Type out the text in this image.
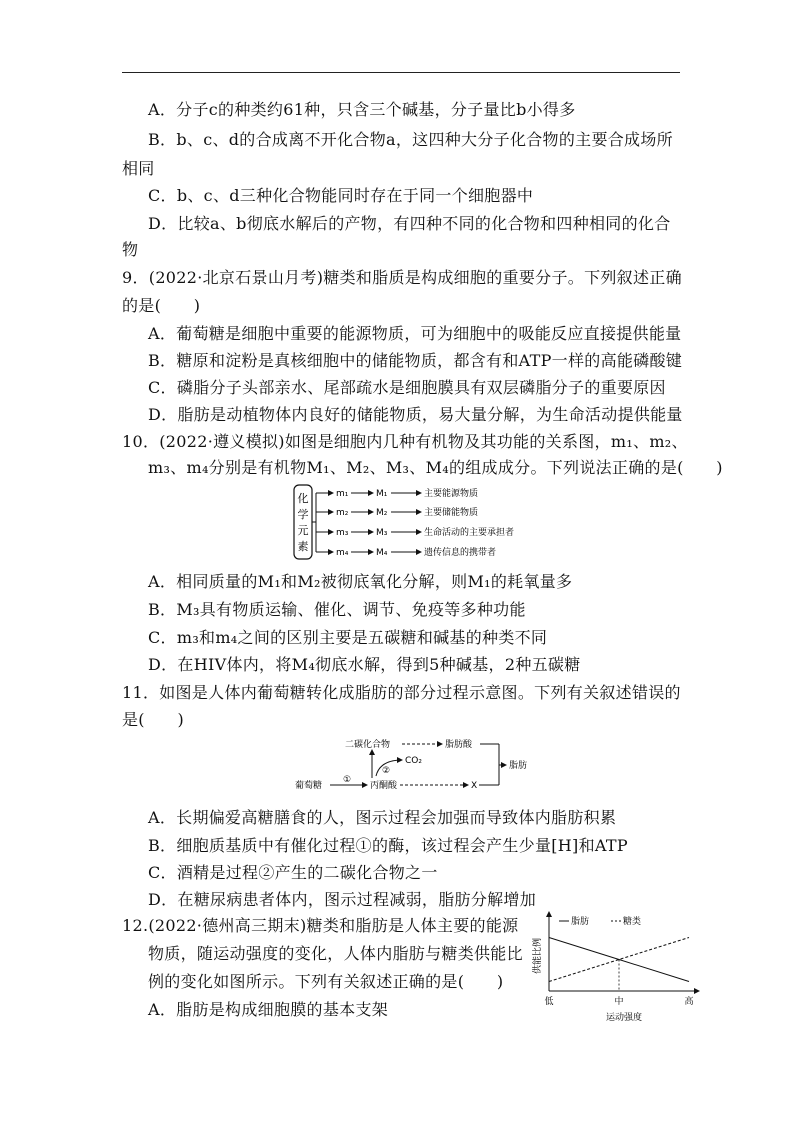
A．分子c的种类约61种，只含三个碱基，分子量比b小得多
B．b、c、d的合成离不开化合物a，这四种大分子化合物的主要合成场所
相同
C．b、c、d三种化合物能同时存在于同一个细胞器中
D．比较a、b彻底水解后的产物，有四种不同的化合物和四种相同的化合
物
9．(2022·北京石景山月考)糖类和脂质是构成细胞的重要分子。下列叙述正确
的是(　　)
A．葡萄糖是细胞中重要的能源物质，可为细胞中的吸能反应直接提供能量
B．糖原和淀粉是真核细胞中的储能物质，都含有和ATP一样的高能磷酸键
C．磷脂分子头部亲水、尾部疏水是细胞膜具有双层磷脂分子的重要原因
D．脂肪是动植物体内良好的储能物质，易大量分解，为生命活动提供能量
10．(2022·遵义模拟)如图是细胞内几种有机物及其功能的关系图，m₁、m₂、
m₃、m₄分别是有机物M₁、M₂、M₃、M₄的组成成分。下列说法正确的是(　　)
化
学
元
素
m₁	M₁	主要能源物质
m₂	M₂	主要储能物质
m₃	M₃	生命活动的主要承担者
m₄	M₄	遗传信息的携带者
A．相同质量的M₁和M₂被彻底氧化分解，则M₁的耗氧量多
B．M₃具有物质运输、催化、调节、免疫等多种功能
C．m₃和m₄之间的区别主要是五碳糖和碱基的种类不同
D．在HIV体内，将M₄彻底水解，得到5种碱基，2种五碳糖
11．如图是人体内葡萄糖转化成脂肪的部分过程示意图。下列有关叙述错误的
是(　　)
二碳化合物	脂肪酸
脂肪
CO₂
②
葡萄糖
①
丙酮酸	X
A．长期偏爱高糖膳食的人，图示过程会加强而导致体内脂肪积累
B．细胞质基质中有催化过程①的酶，该过程会产生少量[H]和ATP
C．酒精是过程②产生的二碳化合物之一
D．在糖尿病患者体内，图示过程减弱，脂肪分解增加
12.(2022·德州高三期末)糖类和脂肪是人体主要的能源
物质，随运动强度的变化，人体内脂肪与糖类供能比
例的变化如图所示。下列有关叙述正确的是(　　)
A．脂肪是构成细胞膜的基本支架
供能比例
运动强度
脂肪	糖类
低	中	高
